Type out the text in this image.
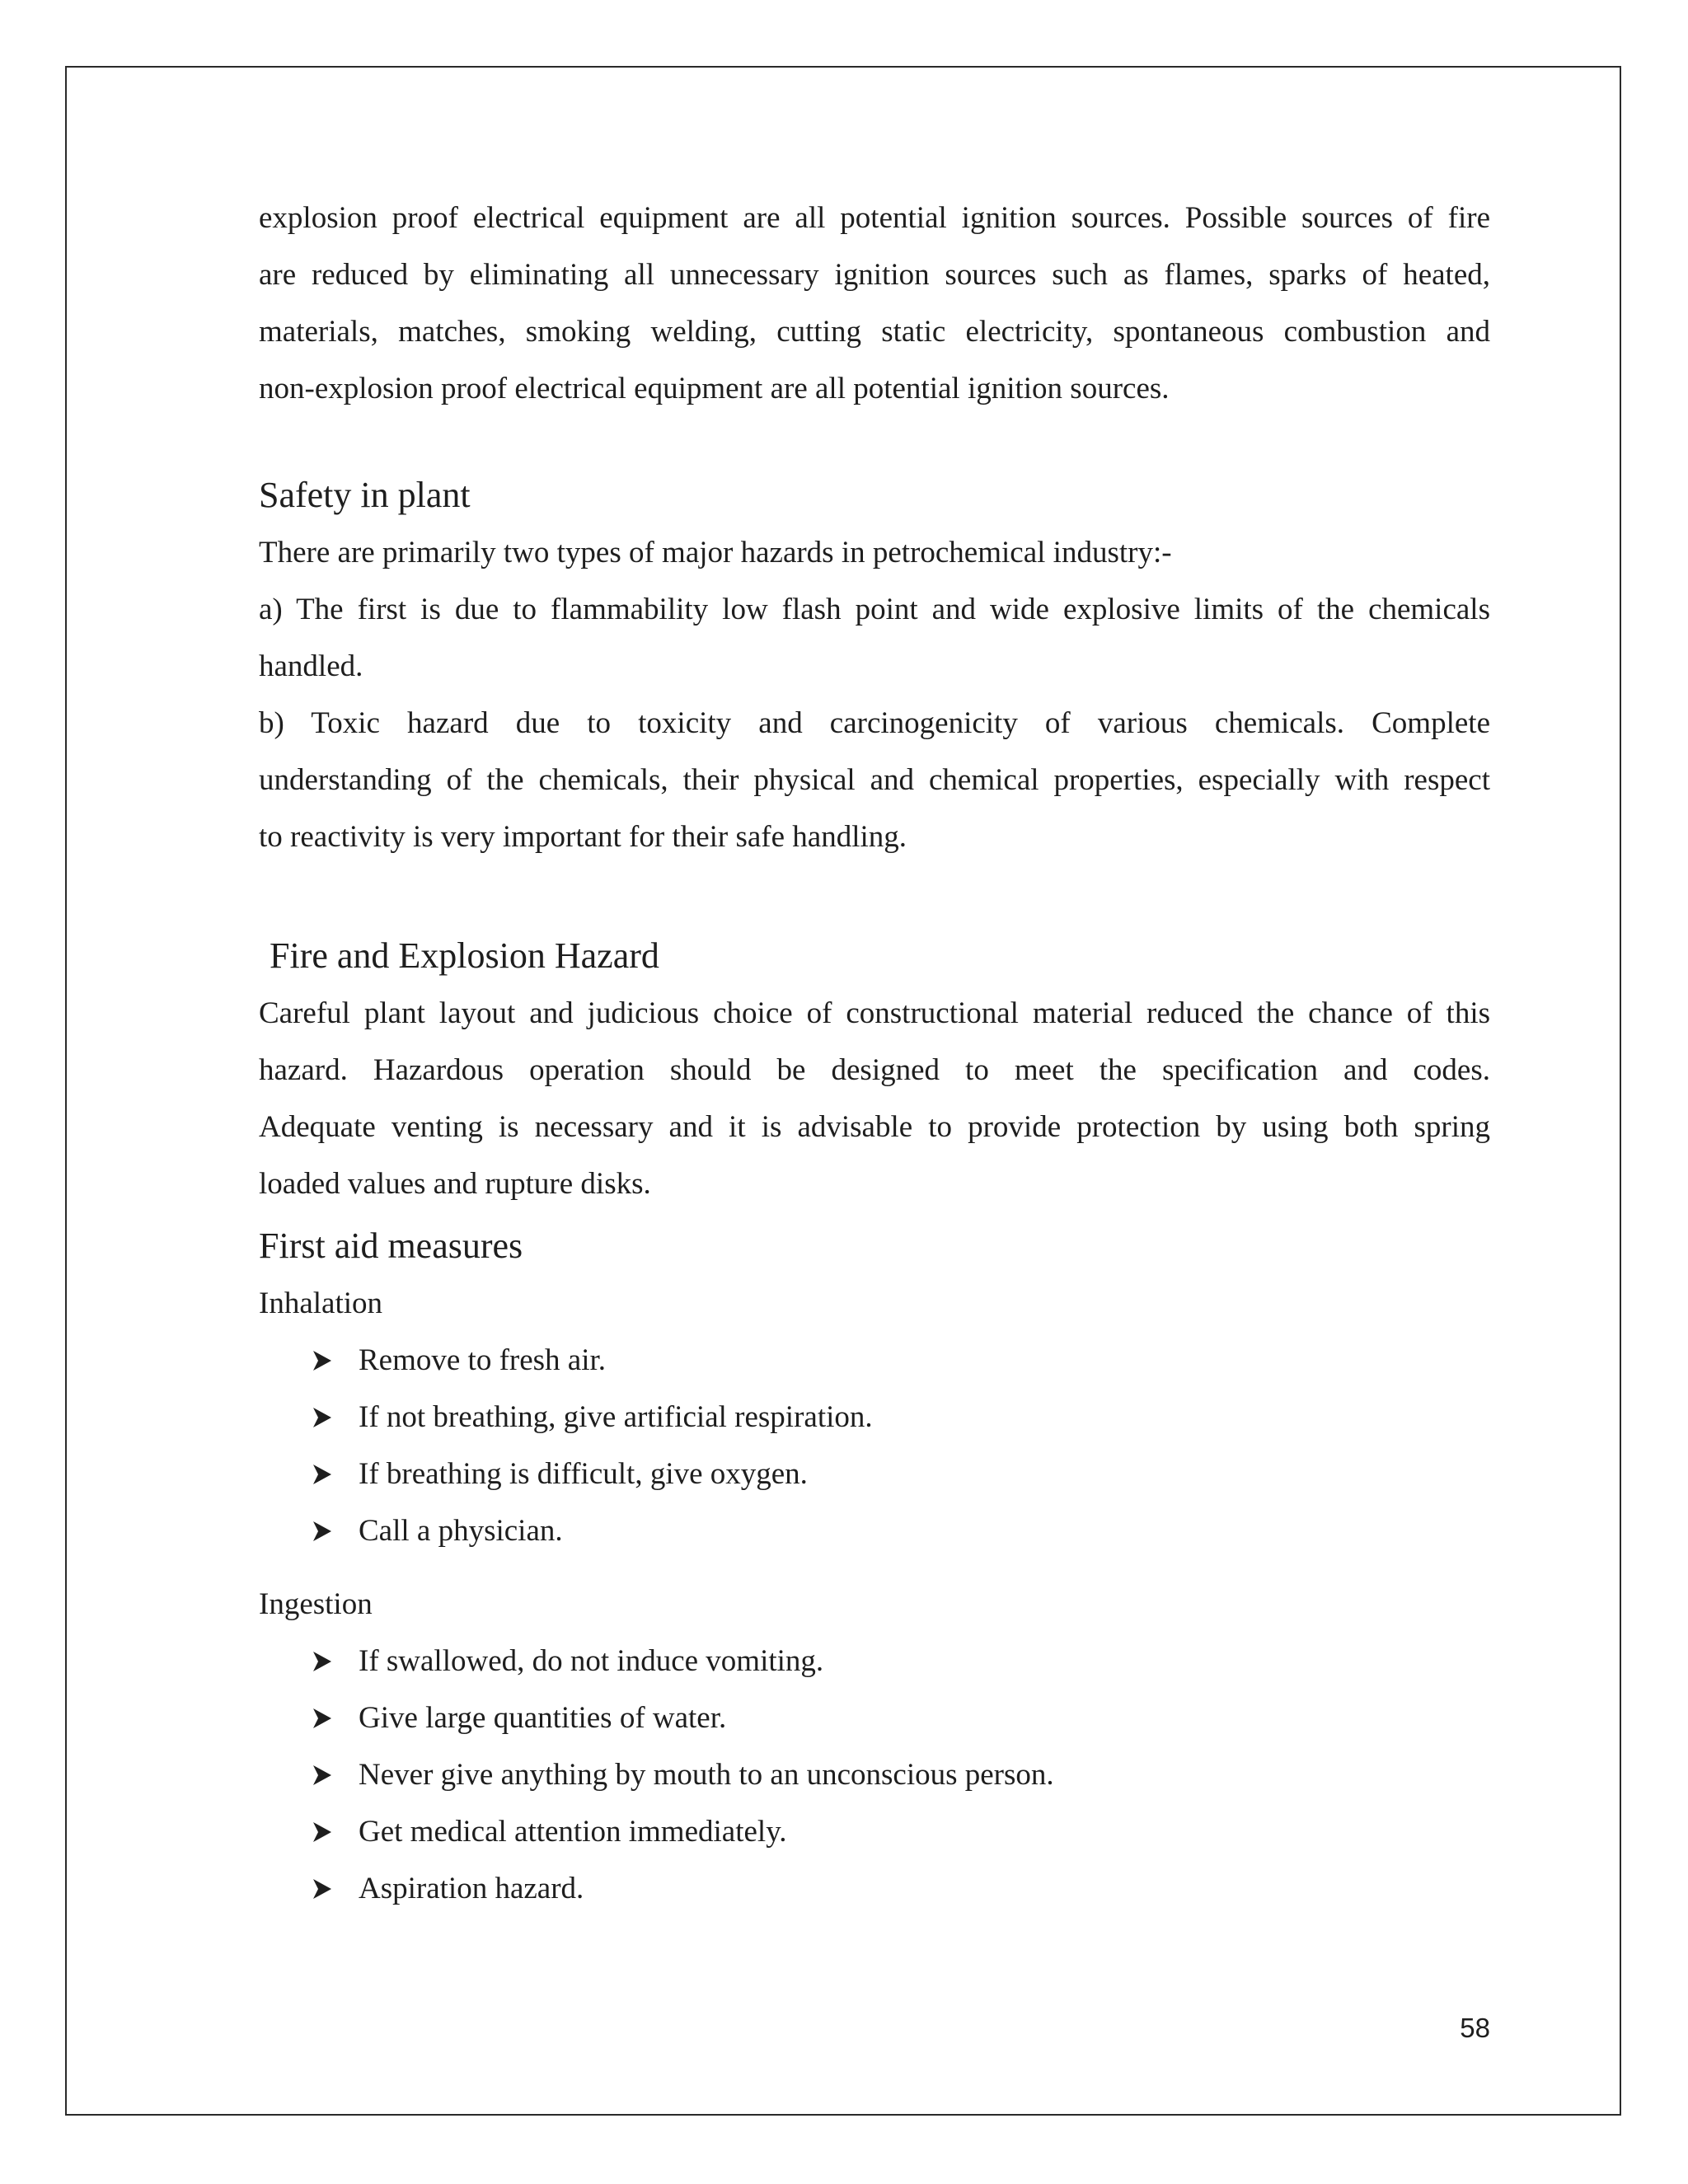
explosion proof electrical equipment are all potential ignition sources. Possible sources of fire
are reduced by eliminating all unnecessary ignition sources such as flames, sparks of heated,
materials, matches, smoking welding, cutting static electricity, spontaneous combustion and
non-explosion proof electrical equipment are all potential ignition sources.

Safety in plant

There are primarily two types of major hazards in petrochemical industry:-

a) The first is due to flammability low flash point and wide explosive limits of the chemicals
handled.

b) Toxic hazard due to toxicity and carcinogenicity of various chemicals. Complete
understanding of the chemicals, their physical and chemical properties, especially with respect
to reactivity is very important for their safe handling.

Fire and Explosion Hazard

Careful plant layout and judicious choice of constructional material reduced the chance of this
hazard. Hazardous operation should be designed to meet the specification and codes.
Adequate venting is necessary and it is advisable to provide protection by using both spring
loaded values and rupture disks.

First aid measures
Inhalation
Remove to fresh air.
If not breathing, give artificial respiration.
If breathing is difficult, give oxygen.
Call a physician.
Ingestion
If swallowed, do not induce vomiting.
Give large quantities of water.
Never give anything by mouth to an unconscious person.
Get medical attention immediately.
Aspiration hazard.
58
